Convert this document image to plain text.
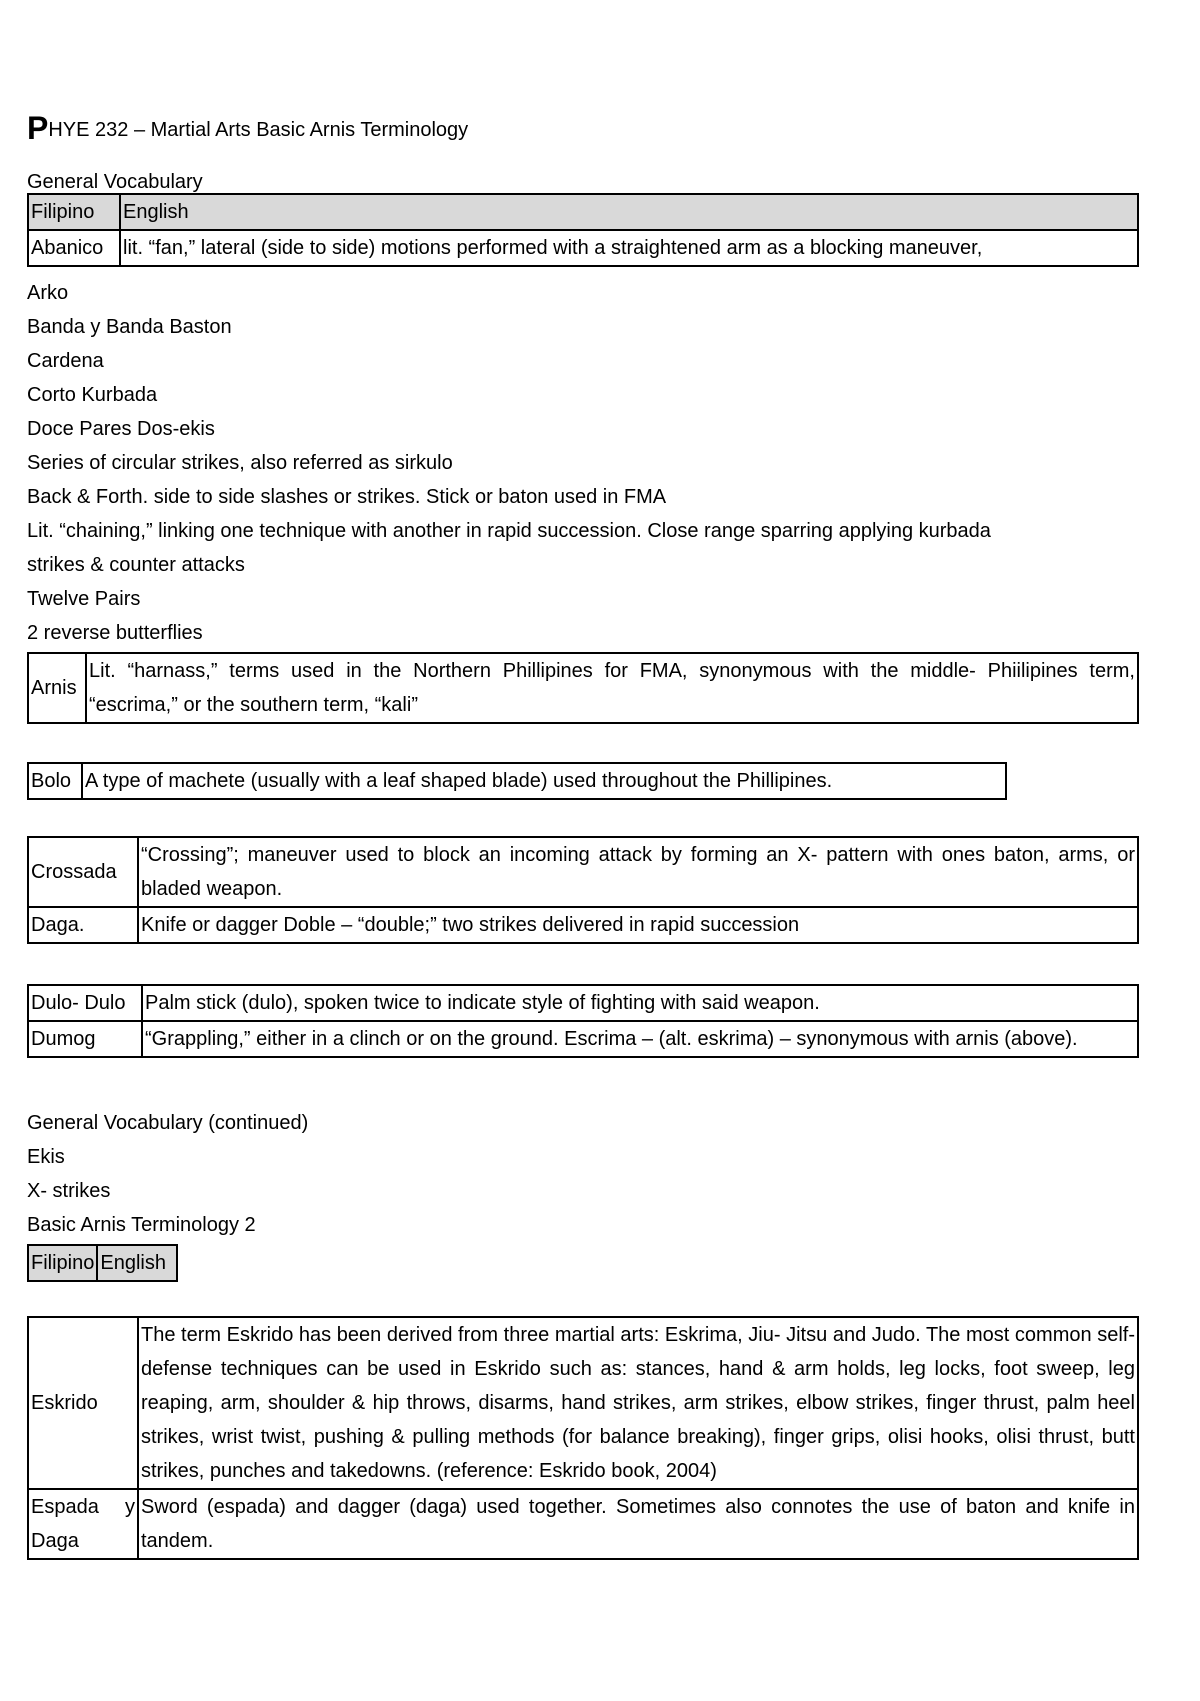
PHYE 232 – Martial Arts Basic Arnis Terminology
General Vocabulary
Filipino	English
Abanico	lit. “fan,” lateral (side to side) motions performed with a straightened arm as a blocking maneuver,
Arko
Banda y Banda Baston
Cardena
Corto Kurbada
Doce Pares Dos-ekis
Series of circular strikes, also referred as sirkulo
Back & Forth. side to side slashes or strikes. Stick or baton used in FMA
Lit. “chaining,” linking one technique with another in rapid succession. Close range sparring applying kurbada
strikes & counter attacks
Twelve Pairs
2 reverse butterflies
Arnis	Lit. “harnass,” terms used in the Northern Phillipines for FMA, synonymous with the middle- Phiilipines term, “escrima,” or the southern term, “kali”
Bolo	A type of machete (usually with a leaf shaped blade) used throughout the Phillipines.
Crossada	“Crossing”; maneuver used to block an incoming attack by forming an X- pattern with ones baton, arms, or bladed weapon.
Daga.	Knife or dagger Doble – “double;” two strikes delivered in rapid succession
Dulo- Dulo	Palm stick (dulo), spoken twice to indicate style of fighting with said weapon.
Dumog	“Grappling,” either in a clinch or on the ground. Escrima – (alt. eskrima) – synonymous with arnis (above).
General Vocabulary (continued)
Ekis
X- strikes
Basic Arnis Terminology 2
Filipino	English
Eskrido	The term Eskrido has been derived from three martial arts: Eskrima, Jiu- Jitsu and Judo. The most common self-defense techniques can be used in Eskrido such as: stances, hand & arm holds, leg locks, foot sweep, leg reaping, arm, shoulder & hip throws, disarms, hand strikes, arm strikes, elbow strikes, finger thrust, palm heel strikes, wrist twist, pushing & pulling methods (for balance breaking), finger grips, olisi hooks, olisi thrust, butt strikes, punches and takedowns. (reference: Eskrido book, 2004)
Espada y Daga	Sword (espada) and dagger (daga) used together. Sometimes also connotes the use of baton and knife in tandem.
